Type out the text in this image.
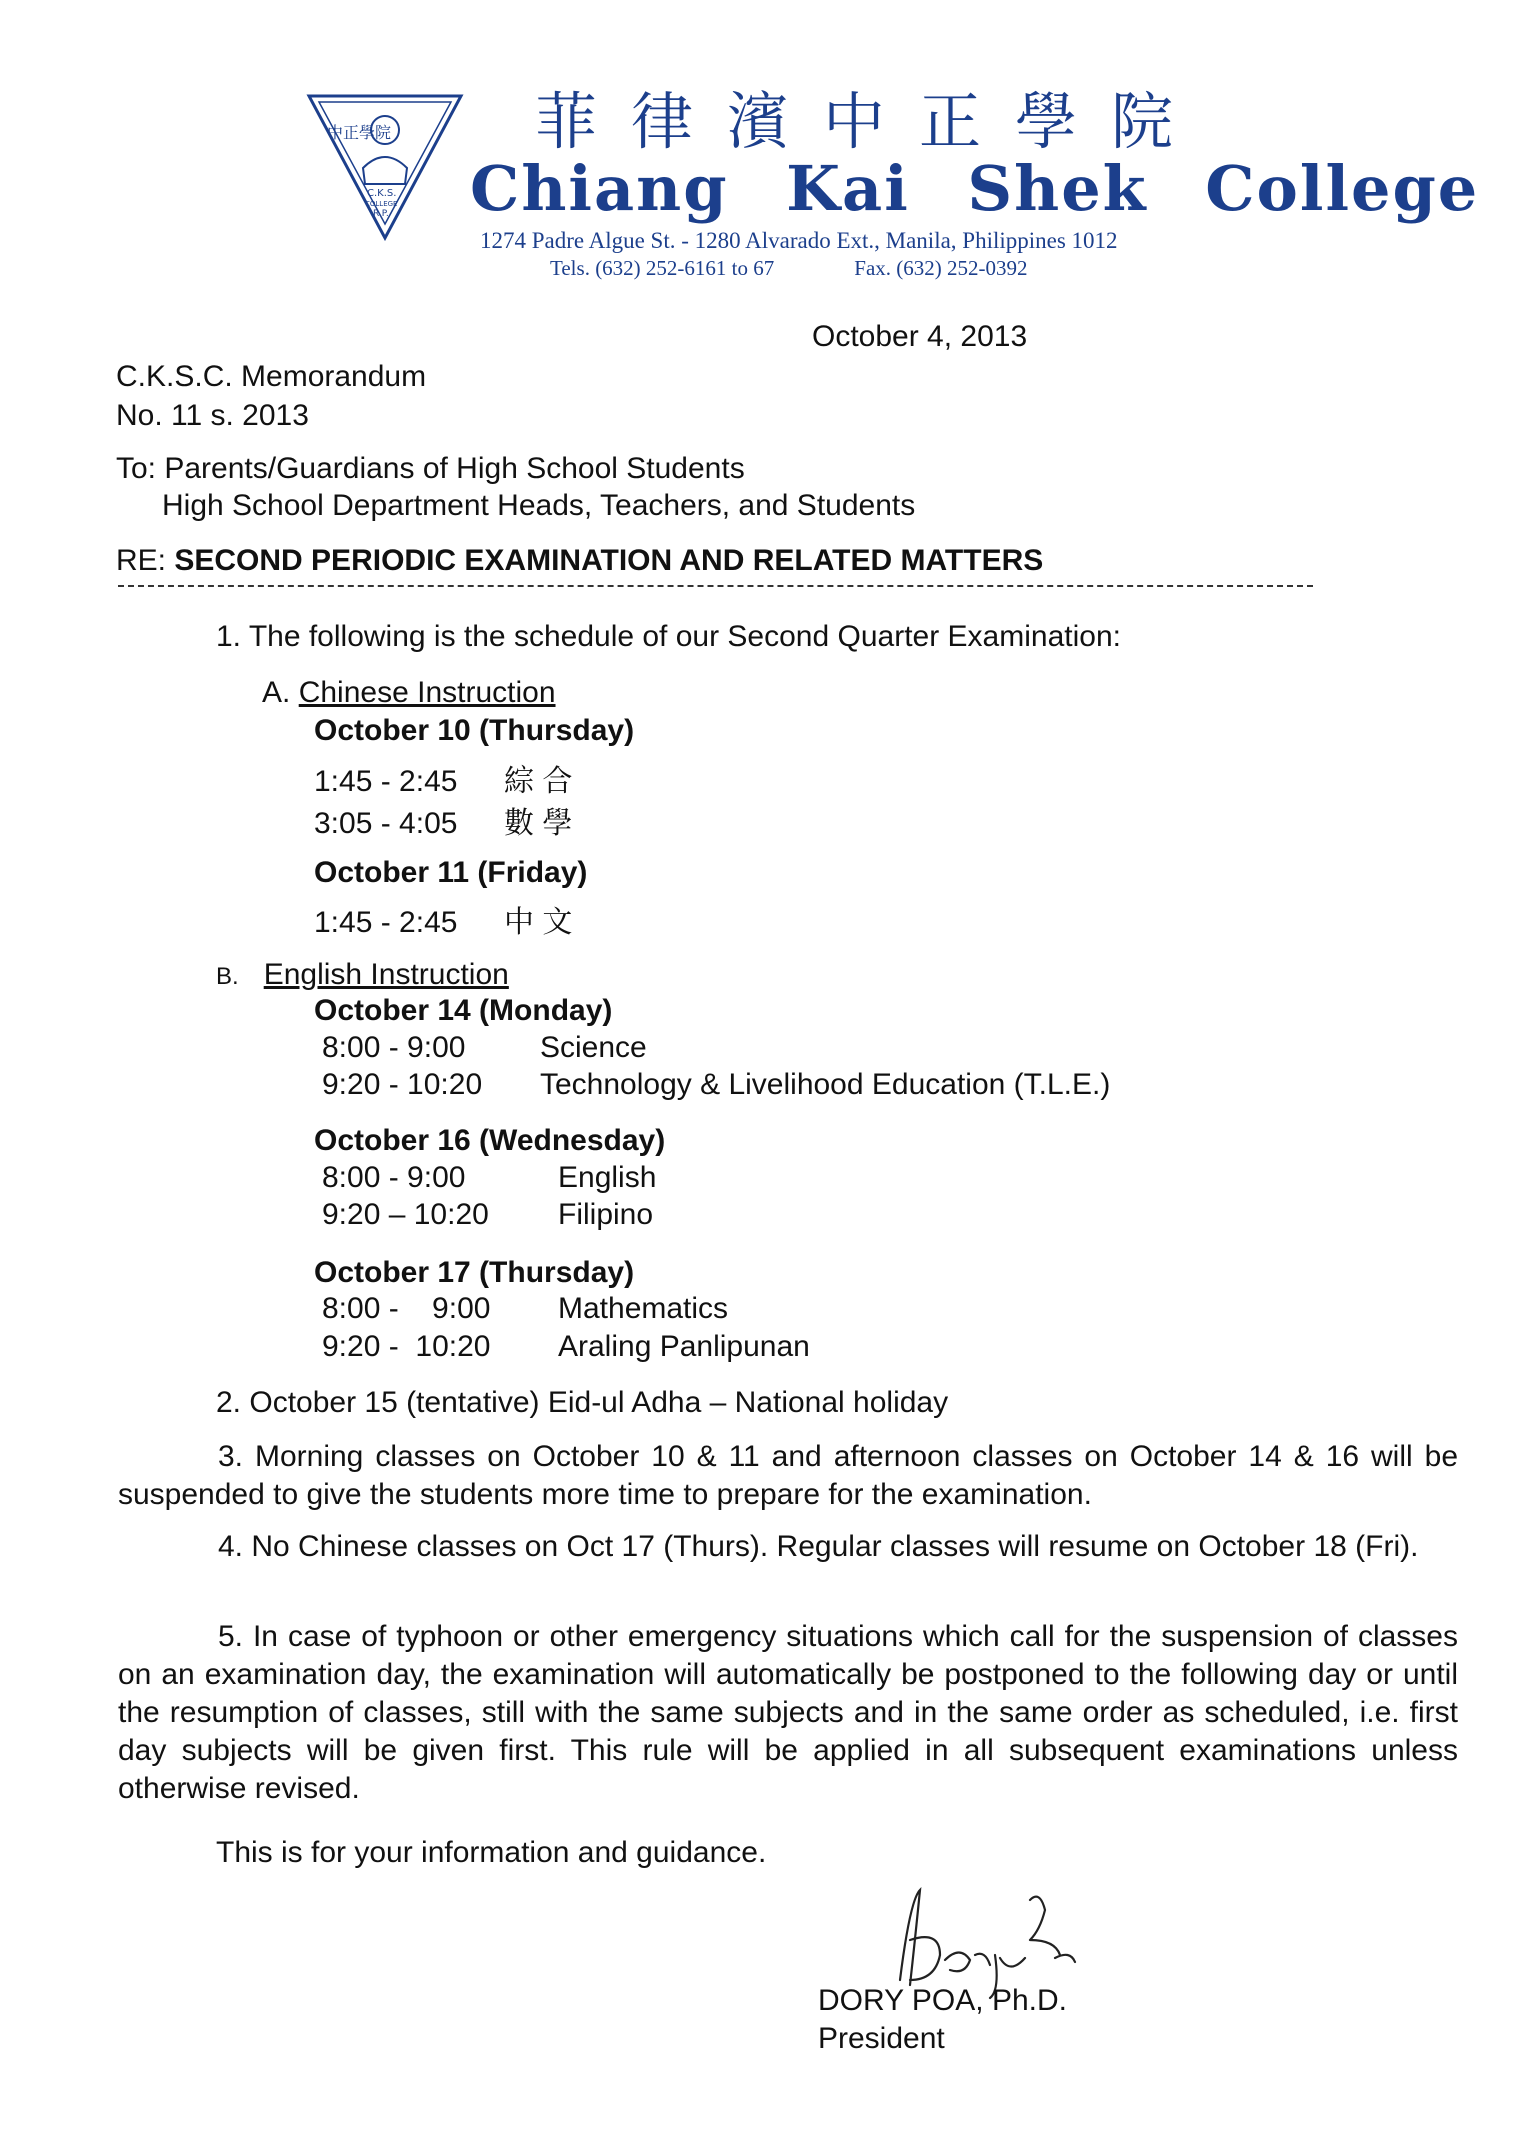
中正學院
C.K.S.
COLLEGE
R.P.
菲律濱中正學院
Chiang Kai Shek College
1274 Padre Algue St. - 1280 Alvarado Ext., Manila, Philippines 1012
Tels. (632) 252-6161 to 67	Fax. (632) 252-0392
October 4, 2013
C.K.S.C. Memorandum
No. 11 s. 2013
To: Parents/Guardians of High School Students
High School Department Heads, Teachers, and Students
RE: SECOND PERIODIC EXAMINATION AND RELATED MATTERS
1. The following is the schedule of our Second Quarter Examination:
A. Chinese Instruction
October 10 (Thursday)
1:45 - 2:45 綜 合
3:05 - 4:05 數 學
October 11 (Friday)
1:45 - 2:45 中 文
B. English Instruction
October 14 (Monday)
8:00 - 9:00 Science
9:20 - 10:20 Technology & Livelihood Education (T.L.E.)
October 16 (Wednesday)
8:00 - 9:00	English
9:20 – 10:20 Filipino
October 17 (Thursday)
8:00 -    9:00 Mathematics
9:20 -  10:20 Araling Panlipunan
2. October 15 (tentative) Eid-ul Adha – National holiday
3. Morning classes on October 10 & 11 and afternoon classes on October 14 & 16 will be suspended to give the students more time to prepare for the examination.
4. No Chinese classes on Oct 17 (Thurs). Regular classes will resume on October 18 (Fri).
5. In case of typhoon or other emergency situations which call for the suspension of classes on an examination day, the examination will automatically be postponed to the following day or until the resumption of classes, still with the same subjects and in the same order as scheduled, i.e. first day subjects will be given first. This rule will be applied in all subsequent examinations unless otherwise revised.
This is for your information and guidance.
DORY POA, Ph.D.
President
